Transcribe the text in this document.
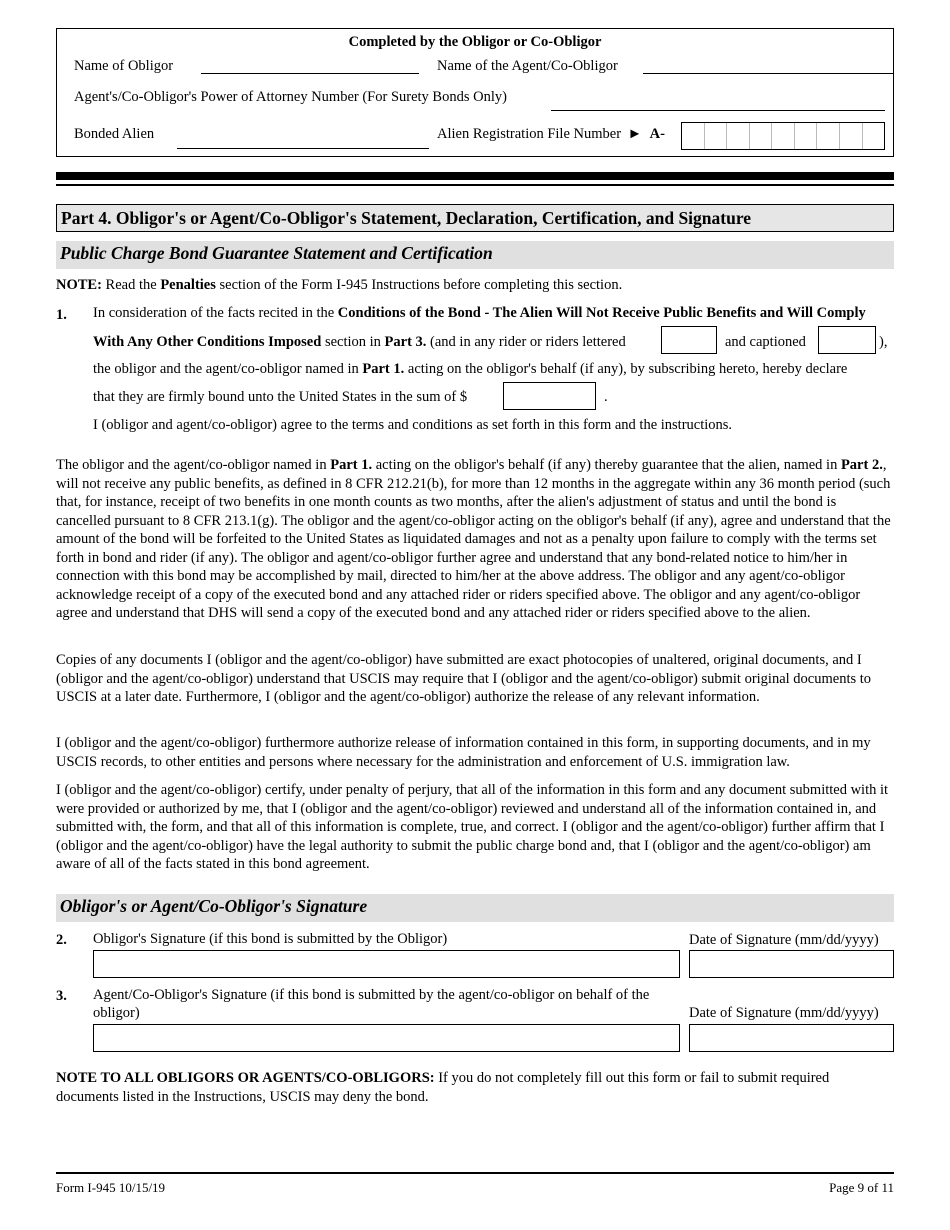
Completed by the Obligor or Co-Obligor
Name of Obligor	Name of the Agent/Co-Obligor
Agent's/Co-Obligor's Power of Attorney Number (For Surety Bonds Only)
Bonded Alien	Alien Registration File Number ► A-
Part 4. Obligor's or Agent/Co-Obligor's Statement, Declaration, Certification, and Signature
Public Charge Bond Guarantee Statement and Certification
NOTE: Read the Penalties section of the Form I-945 Instructions before completing this section.
1. In consideration of the facts recited in the Conditions of the Bond - The Alien Will Not Receive Public Benefits and Will Comply
With Any Other Conditions Imposed section in Part 3. (and in any rider or riders lettered	and captioned	),
the obligor and the agent/co-obligor named in Part 1. acting on the obligor's behalf (if any), by subscribing hereto, hereby declare
that they are firmly bound unto the United States in the sum of $	.
I (obligor and agent/co-obligor) agree to the terms and conditions as set forth in this form and the instructions.
The obligor and the agent/co-obligor named in Part 1. acting on the obligor's behalf (if any) thereby guarantee that the alien, named in Part 2., will not receive any public benefits, as defined in 8 CFR 212.21(b), for more than 12 months in the aggregate within any 36 month period (such that, for instance, receipt of two benefits in one month counts as two months, after the alien's adjustment of status and until the bond is cancelled pursuant to 8 CFR 213.1(g). The obligor and the agent/co-obligor acting on the obligor's behalf (if any), agree and understand that the amount of the bond will be forfeited to the United States as liquidated damages and not as a penalty upon failure to comply with the terms set forth in bond and rider (if any). The obligor and agent/co-obligor further agree and understand that any bond-related notice to him/her in connection with this bond may be accomplished by mail, directed to him/her at the above address. The obligor and any agent/co-obligor acknowledge receipt of a copy of the executed bond and any attached rider or riders specified above. The obligor and any agent/co-obligor agree and understand that DHS will send a copy of the executed bond and any attached rider or riders specified above to the alien.
Copies of any documents I (obligor and the agent/co-obligor) have submitted are exact photocopies of unaltered, original documents, and I (obligor and the agent/co-obligor) understand that USCIS may require that I (obligor and the agent/co-obligor) submit original documents to USCIS at a later date. Furthermore, I (obligor and the agent/co-obligor) authorize the release of any relevant information.
I (obligor and the agent/co-obligor) furthermore authorize release of information contained in this form, in supporting documents, and in my USCIS records, to other entities and persons where necessary for the administration and enforcement of U.S. immigration law.
I (obligor and the agent/co-obligor) certify, under penalty of perjury, that all of the information in this form and any document submitted with it were provided or authorized by me, that I (obligor and the agent/co-obligor) reviewed and understand all of the information contained in, and submitted with, the form, and that all of this information is complete, true, and correct. I (obligor and the agent/co-obligor) further affirm that I (obligor and the agent/co-obligor) have the legal authority to submit the public charge bond and, that I (obligor and the agent/co-obligor) am aware of all of the facts stated in this bond agreement.
Obligor's or Agent/Co-Obligor's Signature
2. Obligor's Signature (if this bond is submitted by the Obligor)	Date of Signature (mm/dd/yyyy)
3. Agent/Co-Obligor's Signature (if this bond is submitted by the agent/co-obligor on behalf of the obligor)	Date of Signature (mm/dd/yyyy)
NOTE TO ALL OBLIGORS OR AGENTS/CO-OBLIGORS: If you do not completely fill out this form or fail to submit required documents listed in the Instructions, USCIS may deny the bond.
Form I-945 10/15/19	Page 9 of 11
